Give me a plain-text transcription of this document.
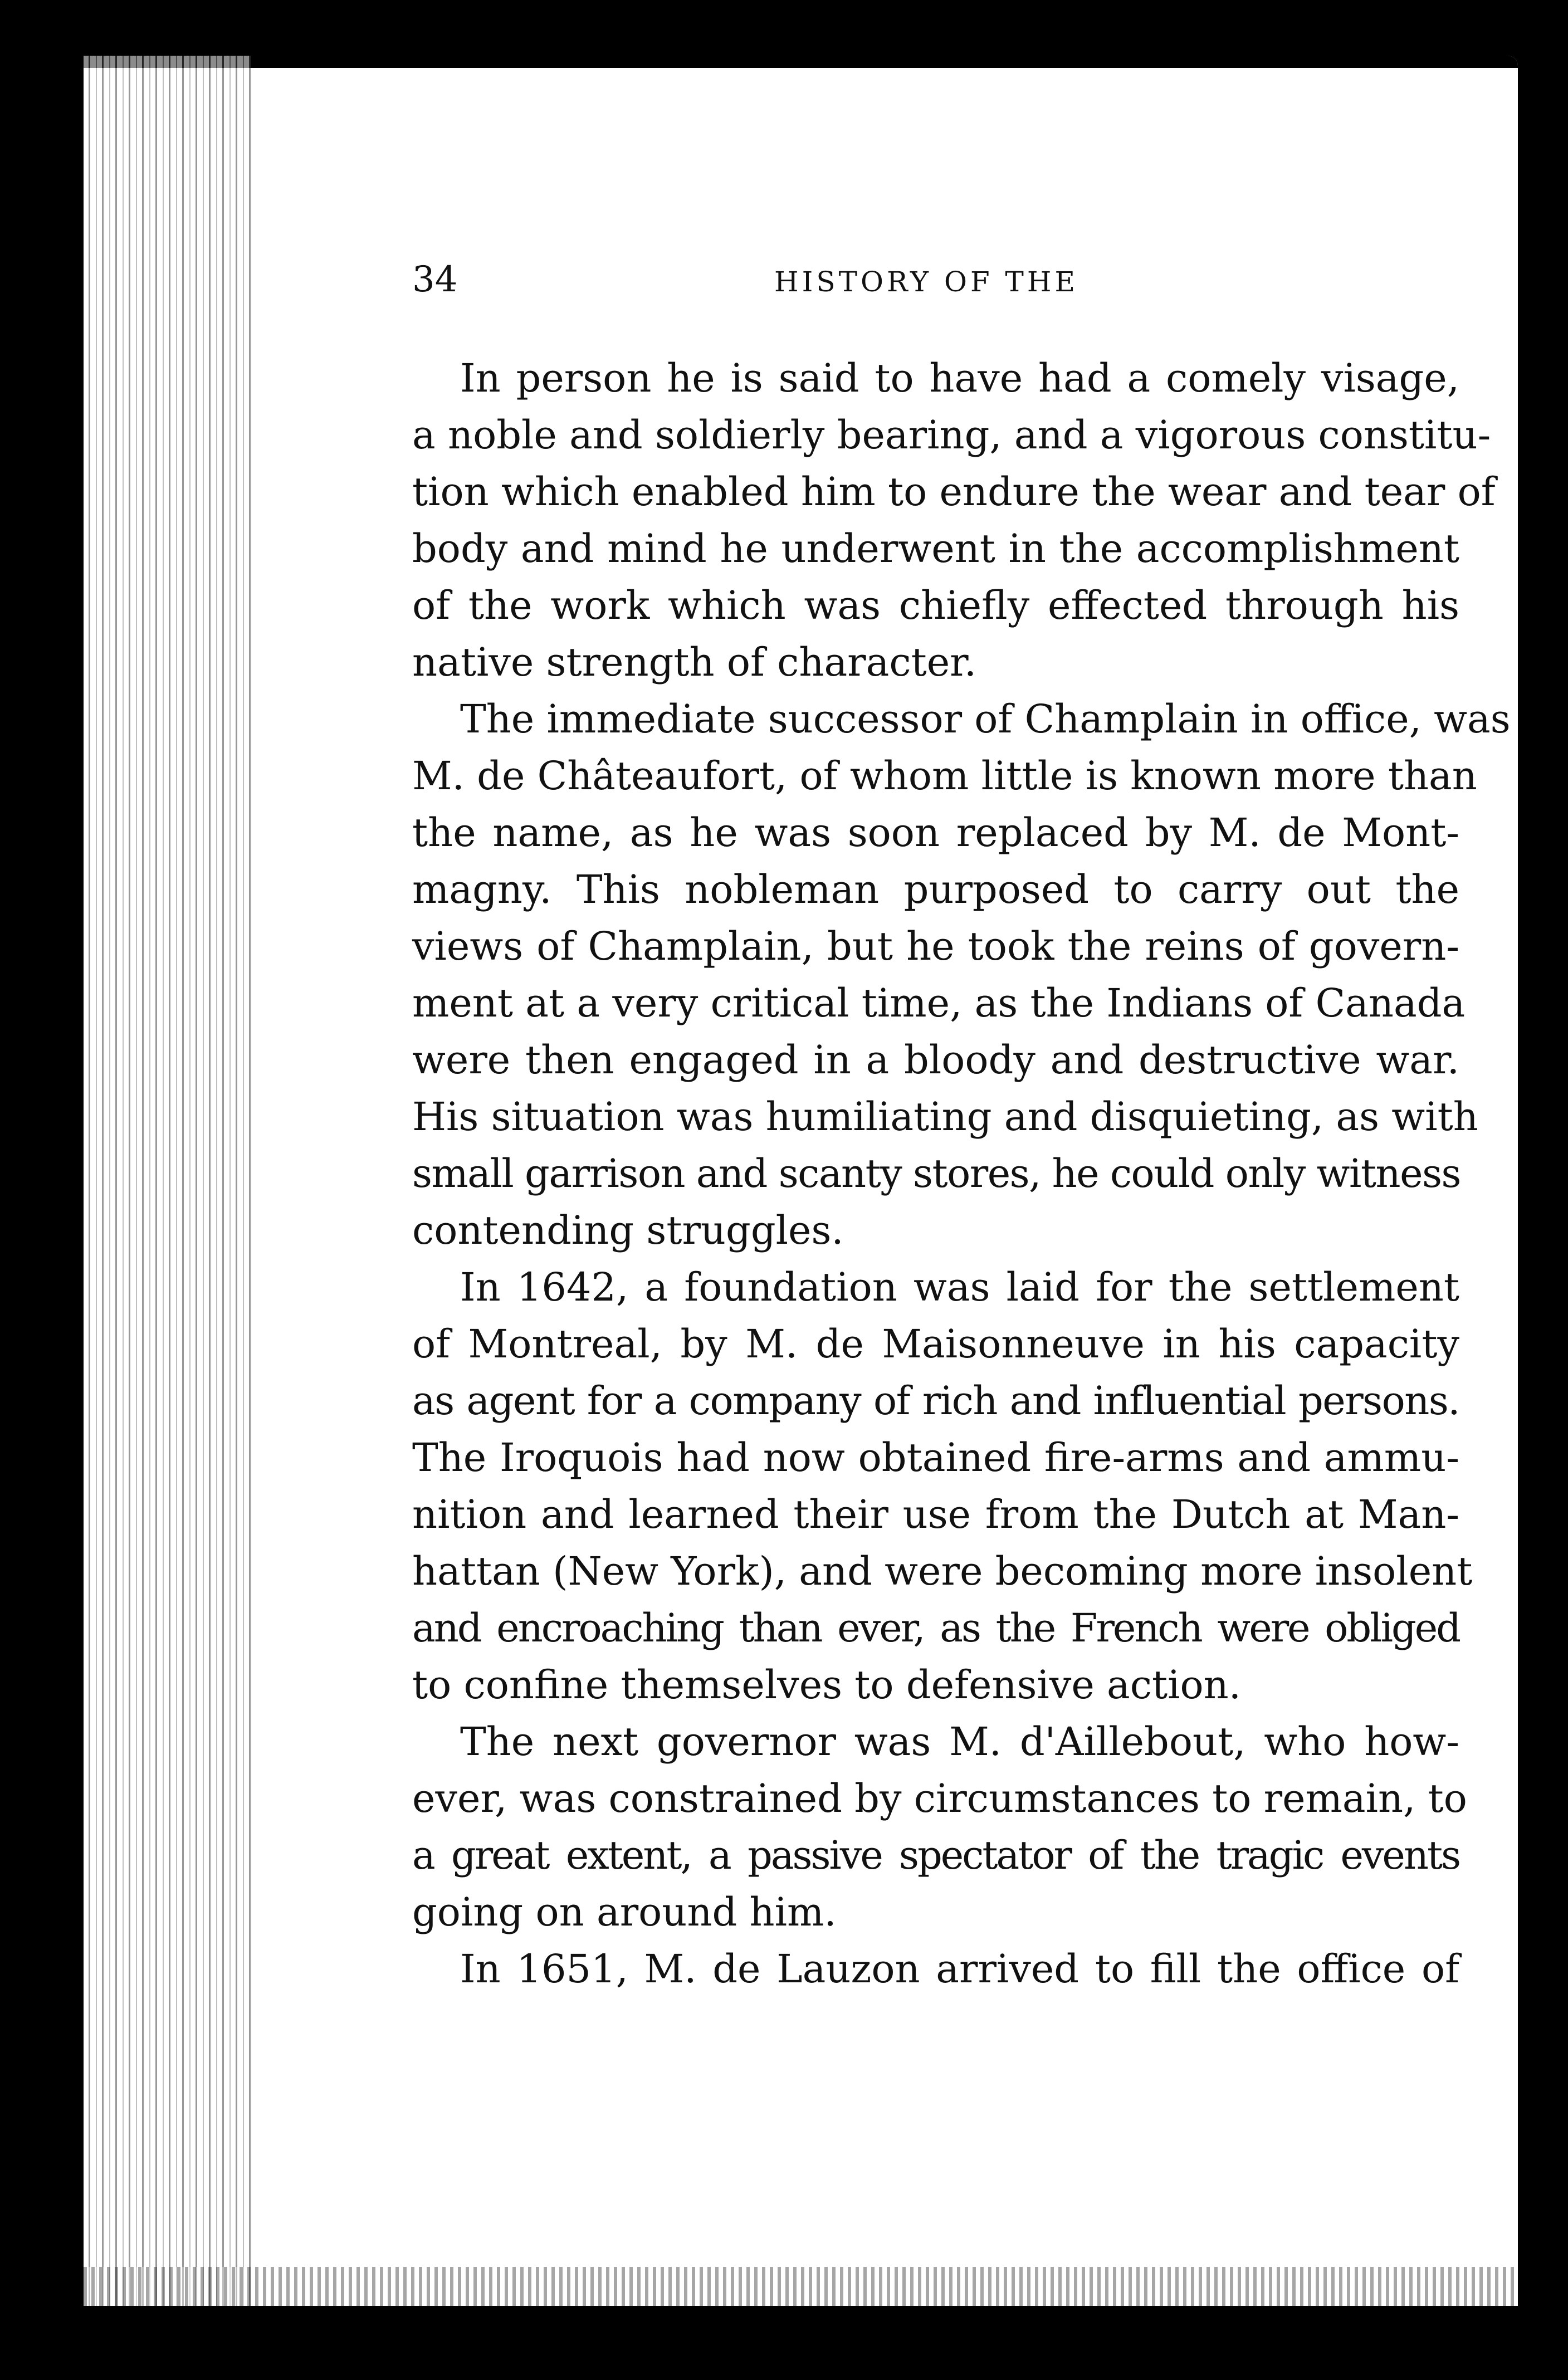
34	HISTORY OF THE
In person he is said to have had a comely visage,
a noble and soldierly bearing, and a vigorous constitu-
tion which enabled him to endure the wear and tear of
body and mind he underwent in the accomplishment
of the work which was chiefly effected through his
native strength of character.
The immediate successor of Champlain in office, was
M. de Châteaufort, of whom little is known more than
the name, as he was soon replaced by M. de Mont-
magny. This nobleman purposed to carry out the
views of Champlain, but he took the reins of govern-
ment at a very critical time, as the Indians of Canada
were then engaged in a bloody and destructive war.
His situation was humiliating and disquieting, as with
small garrison and scanty stores, he could only witness
contending struggles.
In 1642, a foundation was laid for the settlement
of Montreal, by M. de Maisonneuve in his capacity
as agent for a company of rich and influential persons.
The Iroquois had now obtained fire-arms and ammu-
nition and learned their use from the Dutch at Man-
hattan (New York), and were becoming more insolent
and encroaching than ever, as the French were obliged
to confine themselves to defensive action.
The next governor was M. d'Aillebout, who how-
ever, was constrained by circumstances to remain, to
a great extent, a passive spectator of the tragic events
going on around him.
In 1651, M. de Lauzon arrived to fill the office of
